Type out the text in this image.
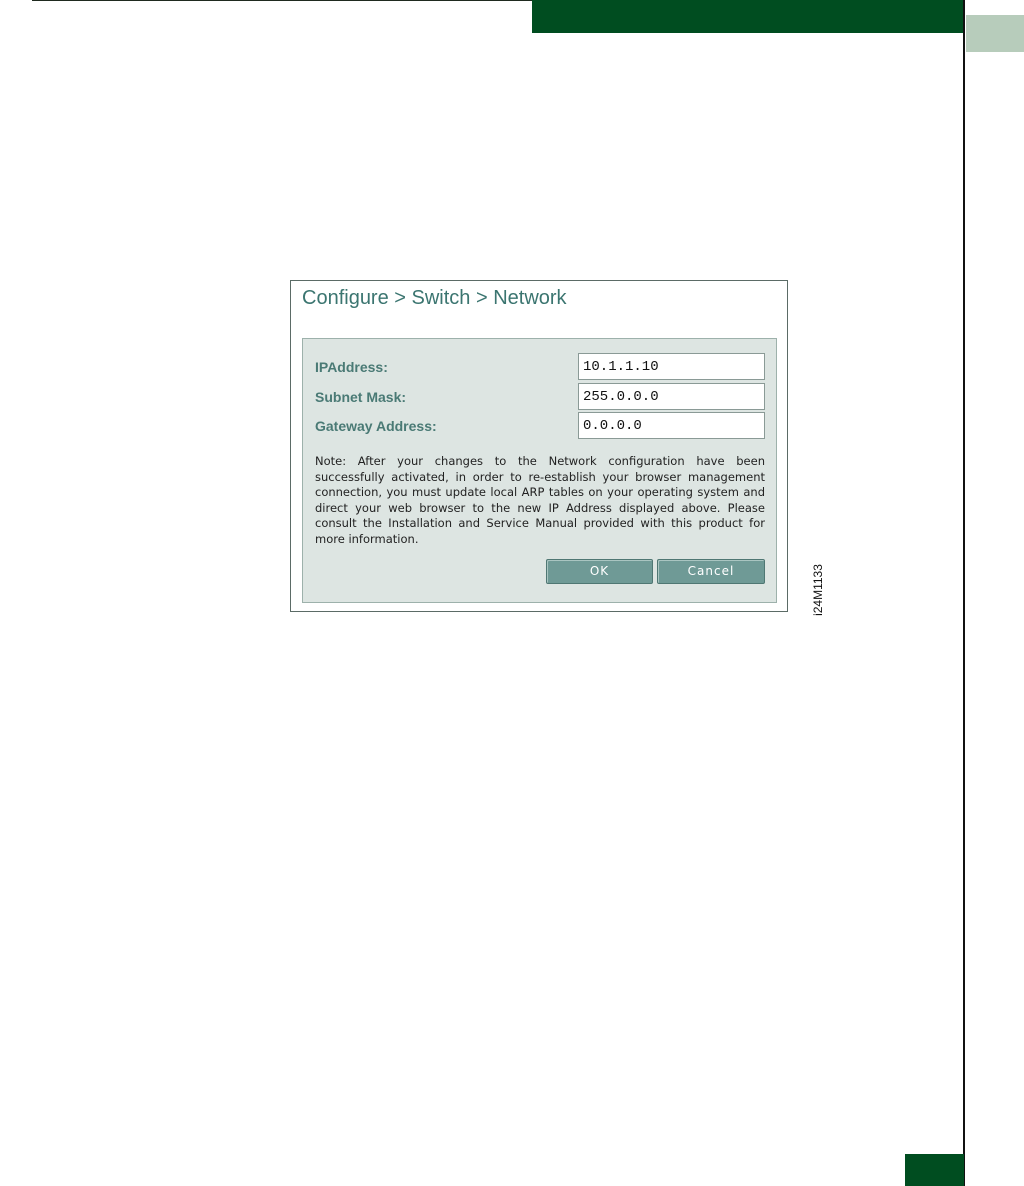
Configure > Switch > Network
IPAddress:
10.1.1.10
Subnet Mask:
255.0.0.0
Gateway Address:
0.0.0.0
Note: After your changes to the Network configuration have been successfully activated, in order to re-establish your browser management connection, you must update local ARP tables on your operating system and direct your web browser to the new IP Address displayed above. Please consult the Installation and Service Manual provided with this product for more information.
OK	Cancel	i24M1133
